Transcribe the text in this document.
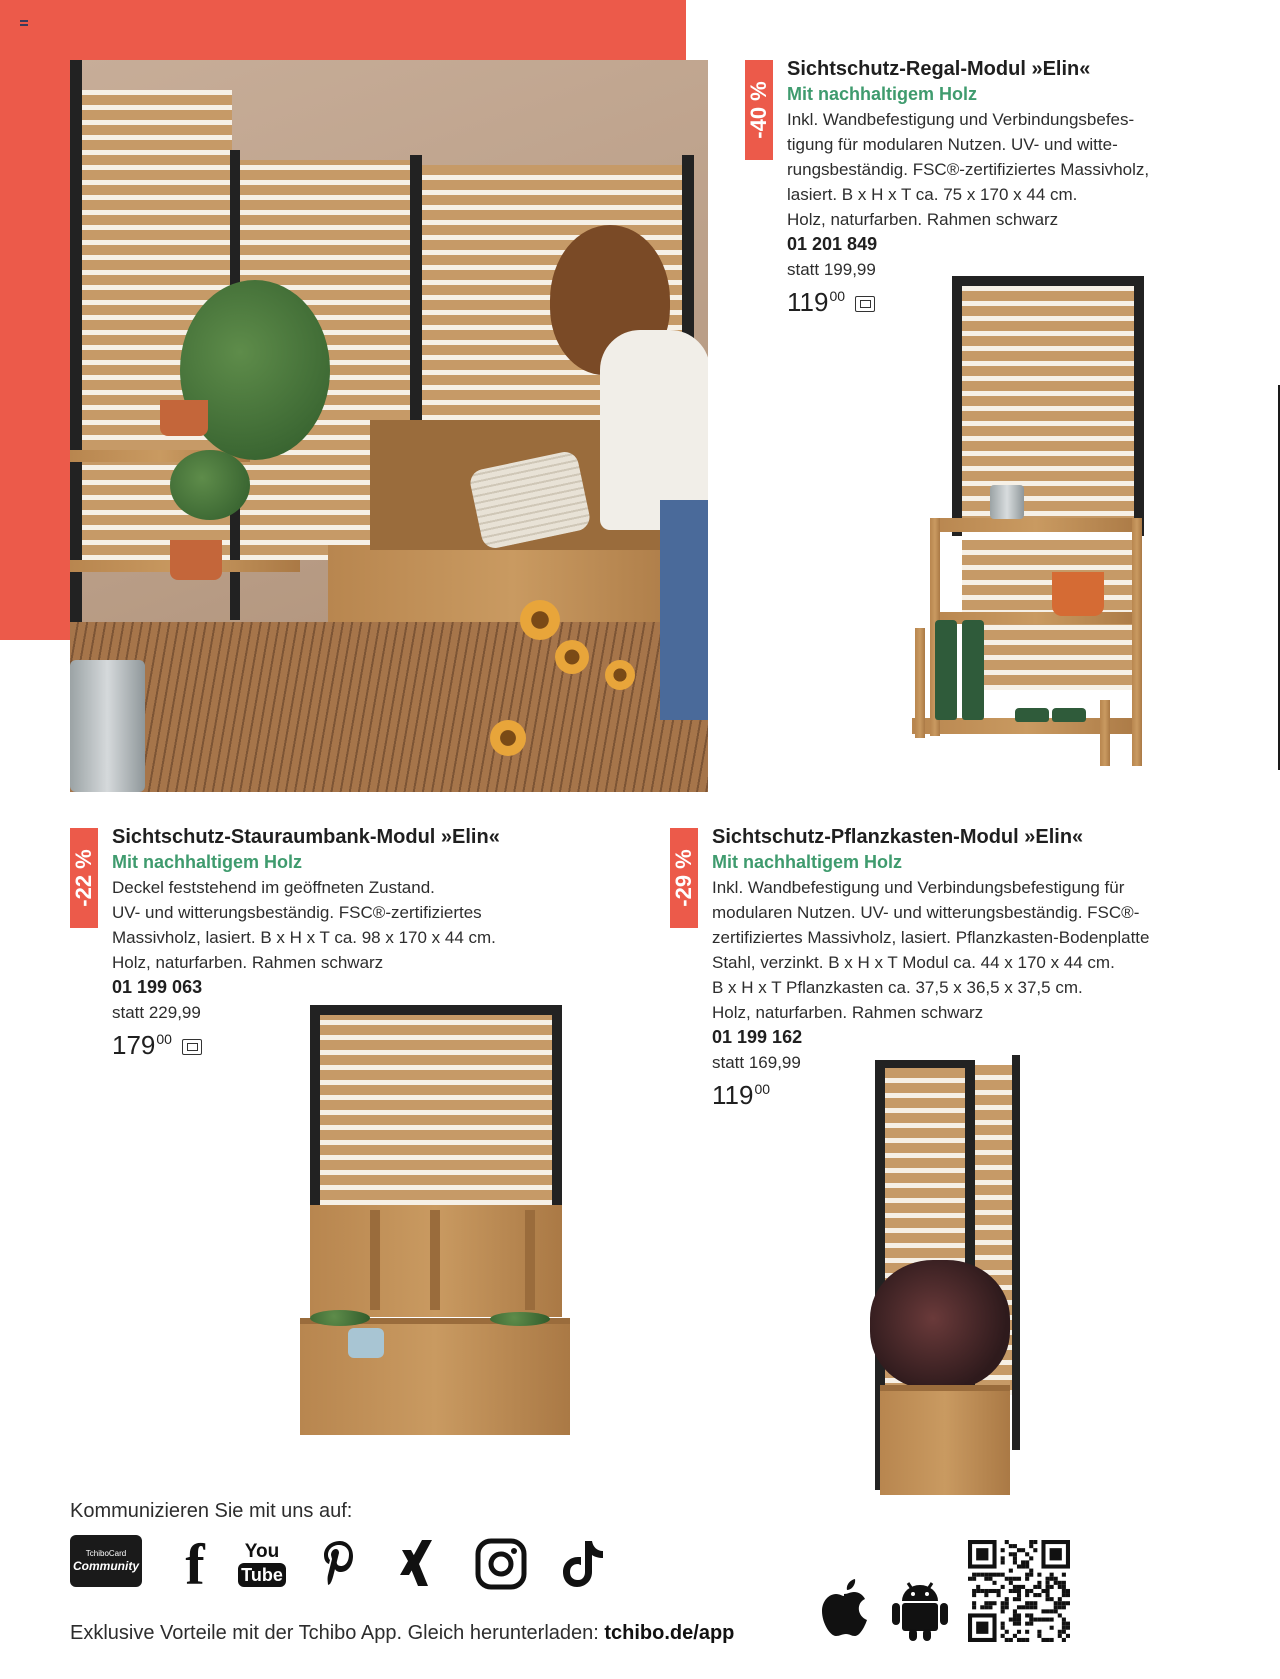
-40 %
Sichtschutz-Regal-Modul »Elin«
Mit nachhaltigem Holz
Inkl. Wandbefestigung und Verbindungsbefes-
tigung für modularen Nutzen. UV- und witte-
rungsbeständig. FSC®-zertifiziertes Massivholz,
lasiert. B x H x T ca. 75 x 170 x 44 cm.
Holz, naturfarben. Rahmen schwarz
01 201 849
statt 199,99
119 00
-22 %
Sichtschutz-Stauraumbank-Modul »Elin«
Mit nachhaltigem Holz
Deckel feststehend im geöffneten Zustand.
UV- und witterungsbeständig. FSC®-zertifiziertes
Massivholz, lasiert. B x H x T ca. 98 x 170 x 44 cm.
Holz, naturfarben. Rahmen schwarz
01 199 063
statt 229,99
179 00
-29 %
Sichtschutz-Pflanzkasten-Modul »Elin«
Mit nachhaltigem Holz
Inkl. Wandbefestigung und Verbindungsbefestigung für
modularen Nutzen. UV- und witterungsbeständig. FSC®-
zertifiziertes Massivholz, lasiert. Pflanzkasten-Bodenplatte
Stahl, verzinkt. B x H x T Modul ca. 44 x 170 x 44 cm.
B x H x T Pflanzkasten ca. 37,5 x 36,5 x 37,5 cm.
Holz, naturfarben. Rahmen schwarz
01 199 162
statt 169,99
119 00
Kommunizieren Sie mit uns auf:
TchiboCard
Community f	You
Tube
Exklusive Vorteile mit der Tchibo App. Gleich herunterladen: tchibo.de/app
